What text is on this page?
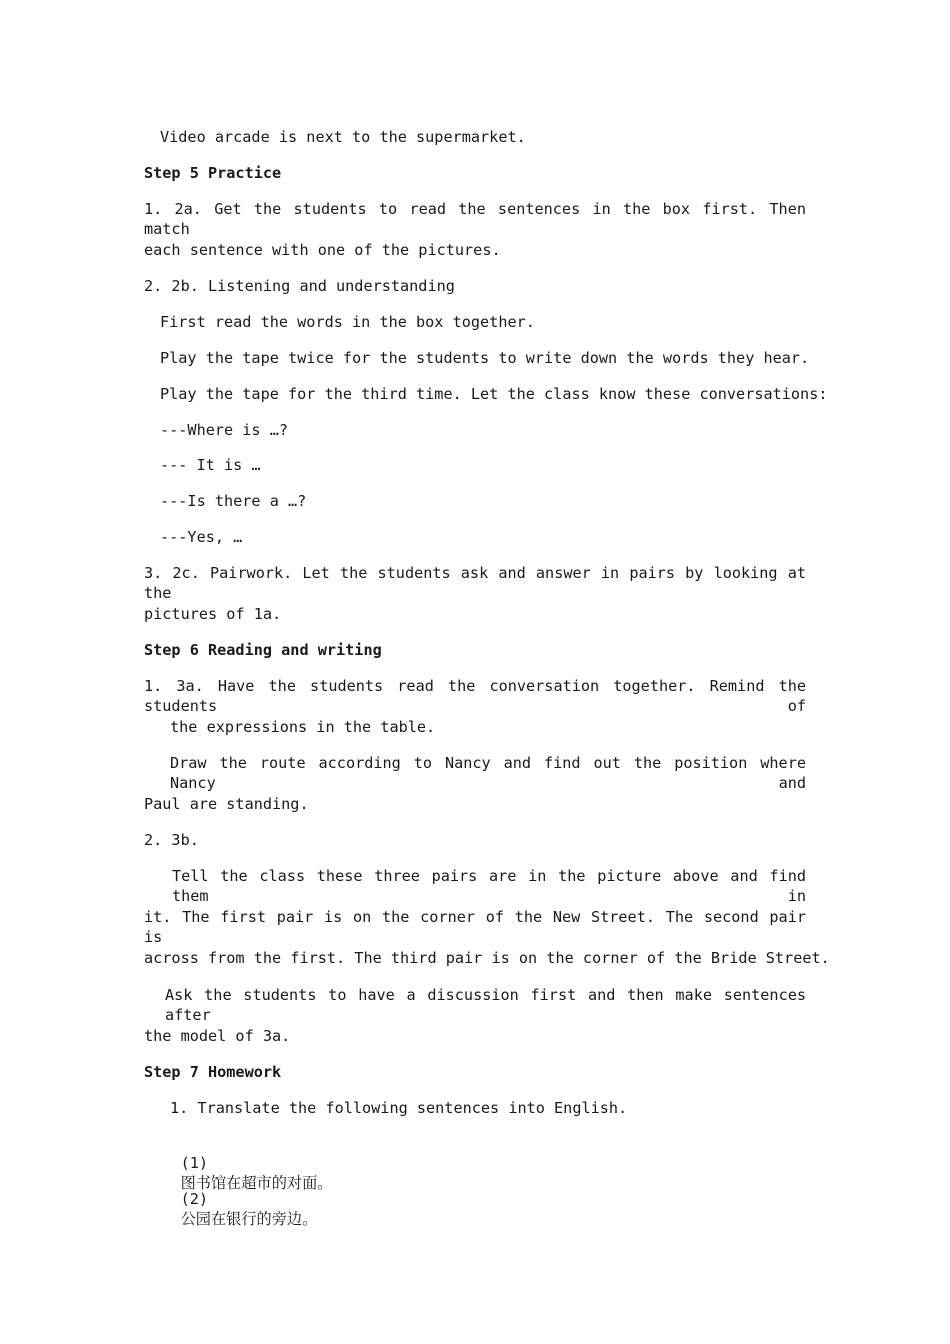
Video arcade is next to the supermarket.
Step 5 Practice
1. 2a. Get the students to read the sentences in the box first. Then match
each sentence with one of the pictures.
2. 2b. Listening and understanding
First read the words in the box together.
Play the tape twice for the students to write down the words they hear.
Play the tape for the third time. Let the class know these conversations:
---Where is …?
--- It is …
---Is there a …?
---Yes, …
3. 2c. Pairwork. Let the students ask and answer in pairs by looking at the
pictures of 1a.
Step 6 Reading and writing
1. 3a. Have the students read the conversation together. Remind the students of
the expressions in the table.
Draw the route according to Nancy and find out the position where Nancy and
Paul are standing.
2. 3b.
Tell the class these three pairs are in the picture above and find them in
it. The first pair is on the corner of the New Street. The second pair is
across from the first. The third pair is on the corner of the Bride Street.
Ask the students to have a discussion first and then make sentences after
the model of 3a.
Step 7 Homework
1. Translate the following sentences into English.

(1)
图书馆在超市的对面。

(2)
公园在银行的旁边。
